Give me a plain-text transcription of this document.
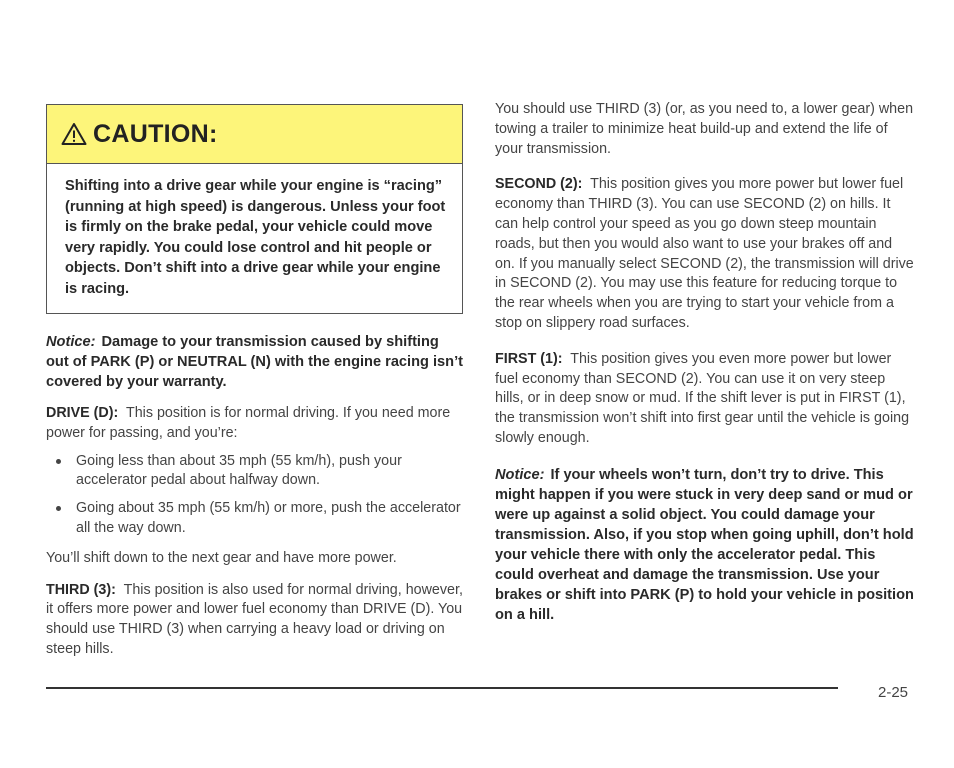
CAUTION:
Shifting into a drive gear while your engine is “racing” (running at high speed) is dangerous. Unless your foot is firmly on the brake pedal, your vehicle could move very rapidly. You could lose control and hit people or objects. Don’t shift into a drive gear while your engine is racing.

Notice: Damage to your transmission caused by shifting out of PARK (P) or NEUTRAL (N) with the engine racing isn’t covered by your warranty.

DRIVE (D): This position is for normal driving. If you need more power for passing, and you’re:

Going less than about 35 mph (55 km/h), push your accelerator pedal about halfway down.
Going about 35 mph (55 km/h) or more, push the accelerator all the way down.

You’ll shift down to the next gear and have more power.

THIRD (3): This position is also used for normal driving, however, it offers more power and lower fuel economy than DRIVE (D). You should use THIRD (3) when carrying a heavy load or driving on steep hills.

You should use THIRD (3) (or, as you need to, a lower gear) when towing a trailer to minimize heat build-up and extend the life of your transmission.

SECOND (2): This position gives you more power but lower fuel economy than THIRD (3). You can use SECOND (2) on hills. It can help control your speed as you go down steep mountain roads, but then you would also want to use your brakes off and on. If you manually select SECOND (2), the transmission will drive in SECOND (2). You may use this feature for reducing torque to the rear wheels when you are trying to start your vehicle from a stop on slippery road surfaces.

FIRST (1): This position gives you even more power but lower fuel economy than SECOND (2). You can use it on very steep hills, or in deep snow or mud. If the shift lever is put in FIRST (1), the transmission won’t shift into first gear until the vehicle is going slowly enough.

Notice: If your wheels won’t turn, don’t try to drive. This might happen if you were stuck in very deep sand or mud or were up against a solid object. You could damage your transmission. Also, if you stop when going uphill, don’t hold your vehicle there with only the accelerator pedal. This could overheat and damage the transmission. Use your brakes or shift into PARK (P) to hold your vehicle in position on a hill.

2-25
